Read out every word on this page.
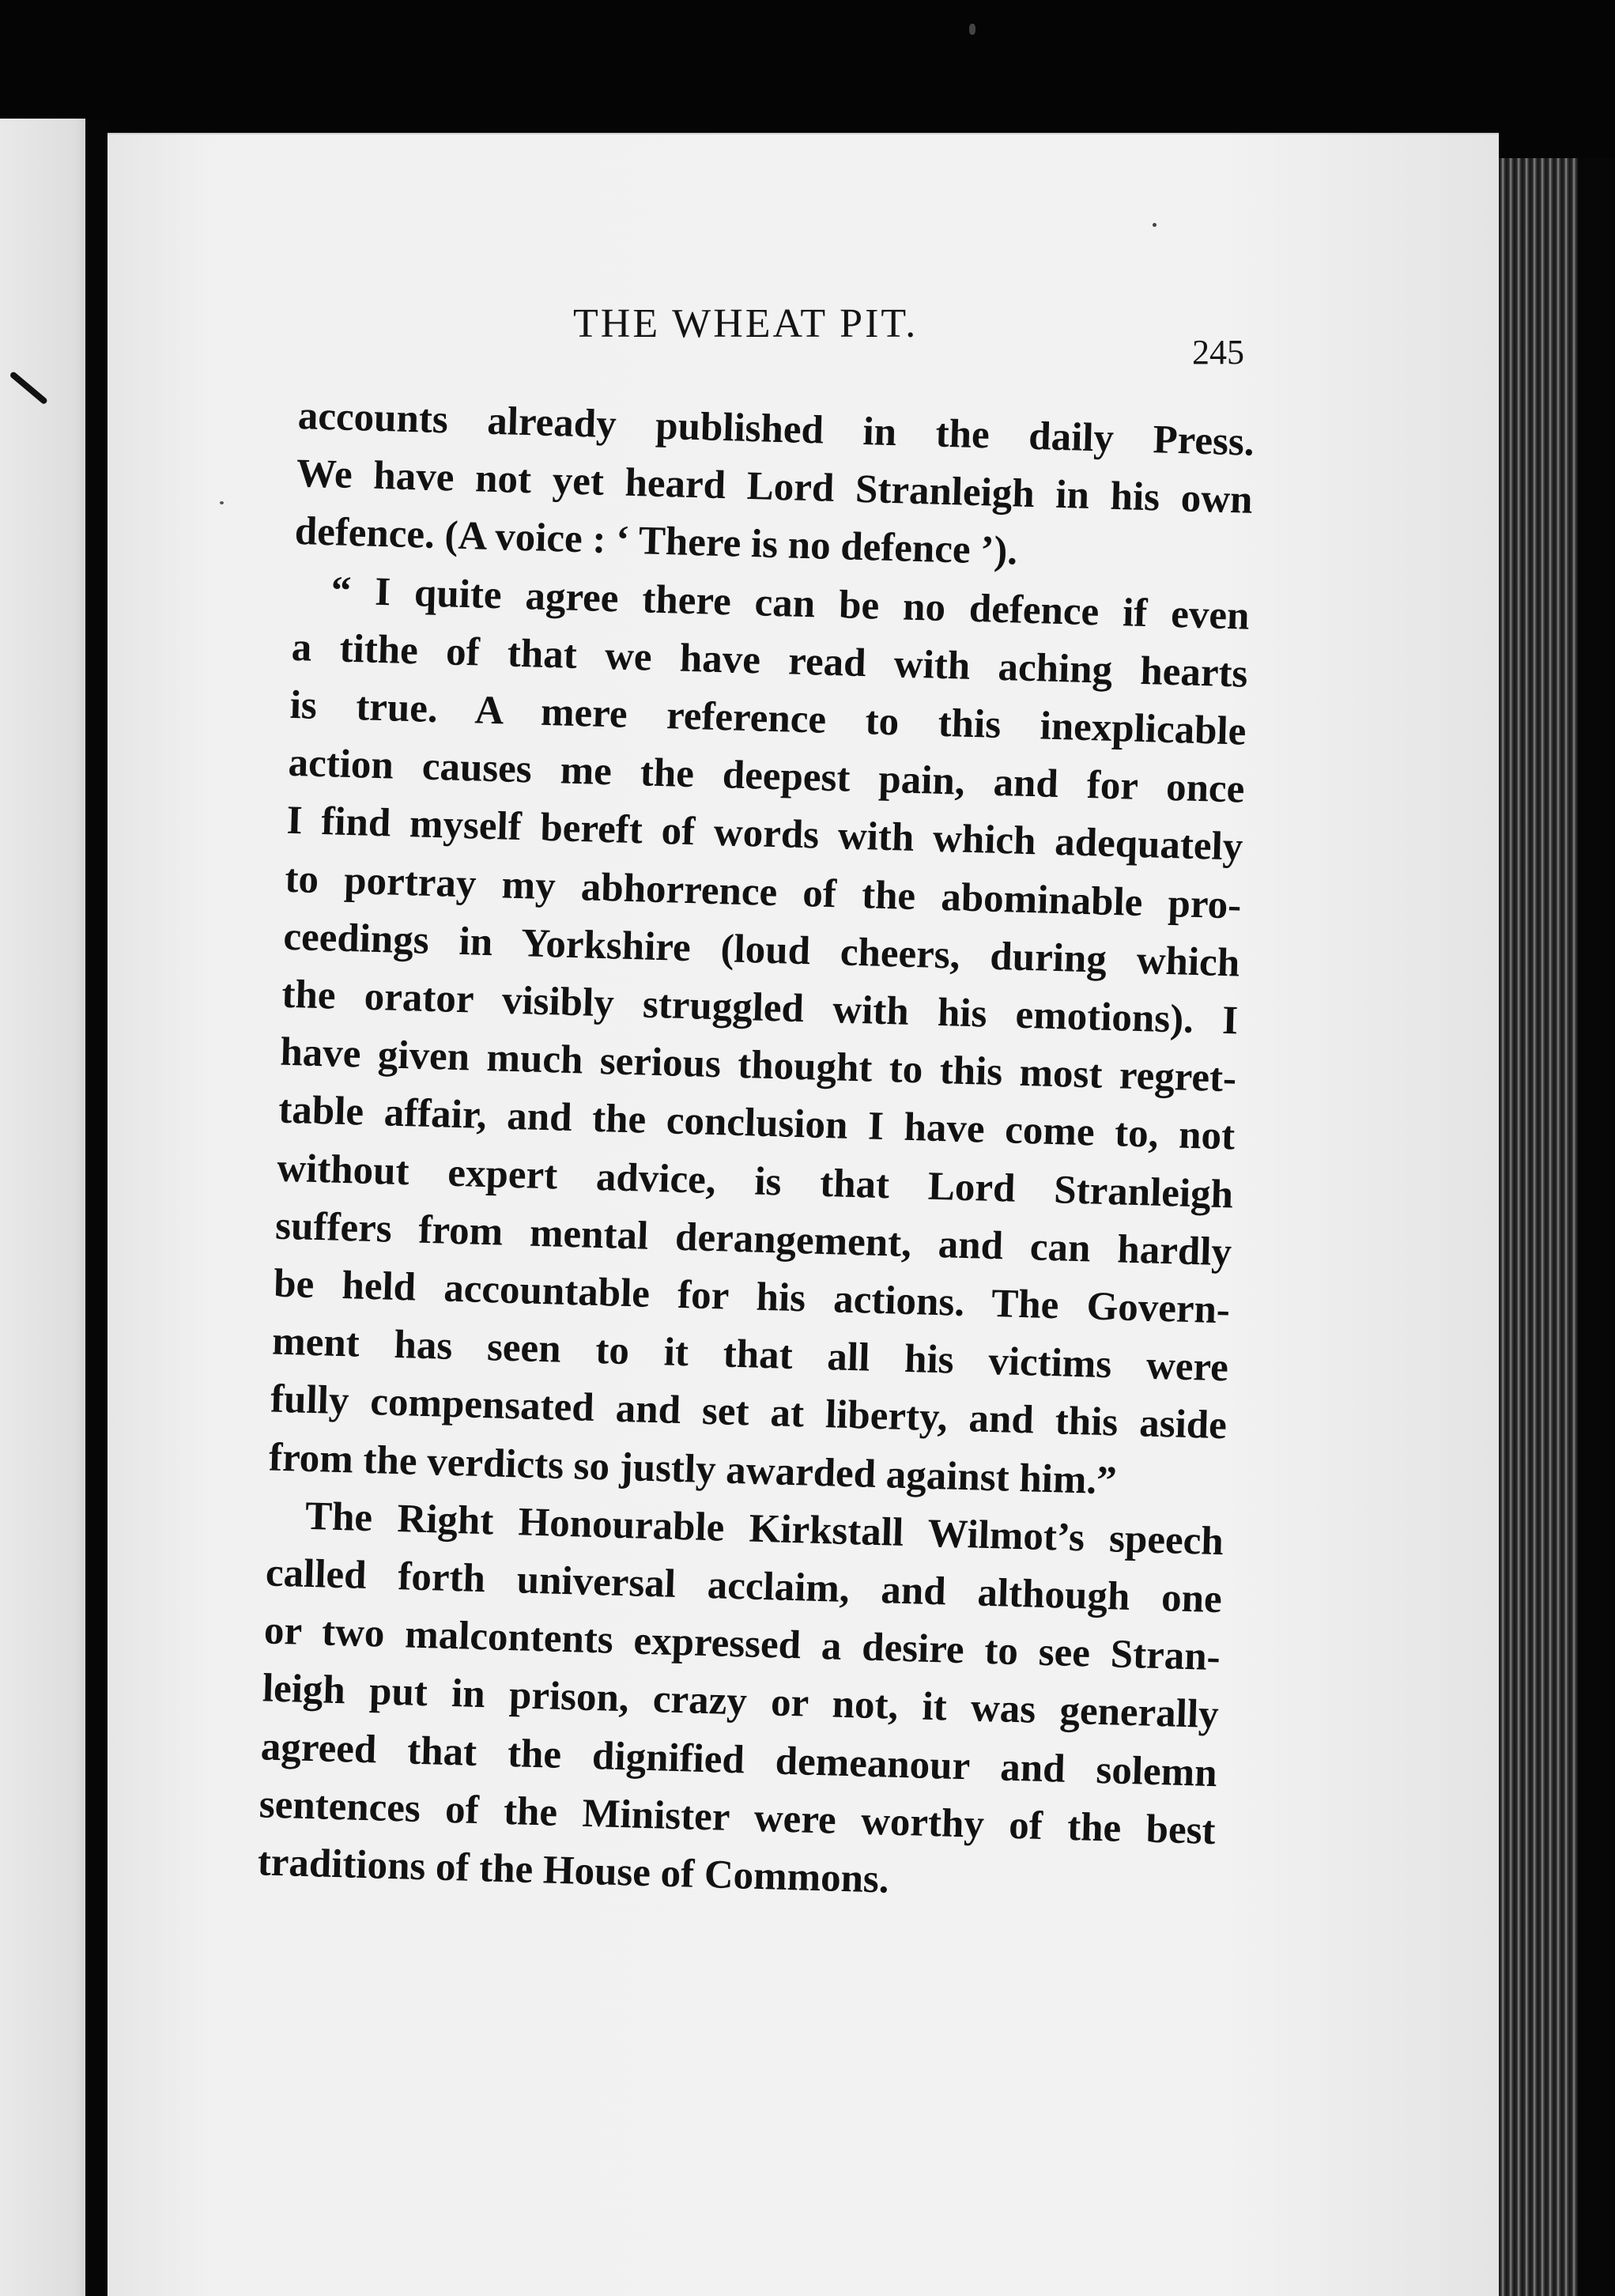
THE WHEAT PIT.
245
accounts already published in the daily Press.
We have not yet heard Lord Stranleigh in his own
defence. (A voice : ‘ There is no defence ’).
“ I quite agree there can be no defence if even
a tithe of that we have read with aching hearts
is true. A mere reference to this inexplicable
action causes me the deepest pain, and for once
I find myself bereft of words with which adequately
to portray my abhorrence of the abominable pro-
ceedings in Yorkshire (loud cheers, during which
the orator visibly struggled with his emotions). I
have given much serious thought to this most regret-
table affair, and the conclusion I have come to, not
without expert advice, is that Lord Stranleigh
suffers from mental derangement, and can hardly
be held accountable for his actions. The Govern-
ment has seen to it that all his victims were
fully compensated and set at liberty, and this aside
from the verdicts so justly awarded against him.”
The Right Honourable Kirkstall Wilmot’s speech
called forth universal acclaim, and although one
or two malcontents expressed a desire to see Stran-
leigh put in prison, crazy or not, it was generally
agreed that the dignified demeanour and solemn
sentences of the Minister were worthy of the best
traditions of the House of Commons.
